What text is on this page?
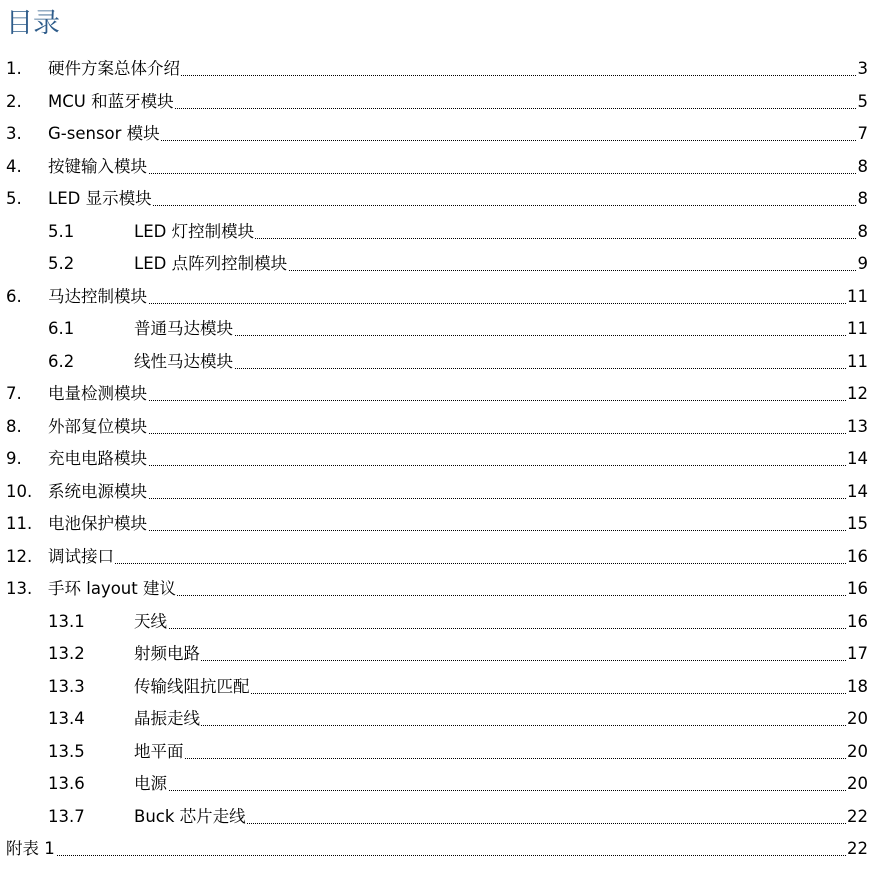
目录
1. 硬件方案总体介绍	3
2. MCU 和蓝牙模块	5
3. G-sensor 模块	7
4. 按键输入模块	8
5. LED 显示模块	8
5.1	LED 灯控制模块	8
5.2	LED 点阵列控制模块	9
6. 马达控制模块	11
6.1	普通马达模块	11
6.2	线性马达模块	11
7. 电量检测模块	12
8. 外部复位模块	13
9. 充电电路模块	14
10. 系统电源模块	14
11. 电池保护模块	15
12. 调试接口	16
13. 手环 layout 建议	16
13.1	天线	16
13.2	射频电路	17
13.3	传输线阻抗匹配	18
13.4	晶振走线	20
13.5	地平面	20
13.6	电源	20
13.7	Buck 芯片走线	22
附表 1	22
